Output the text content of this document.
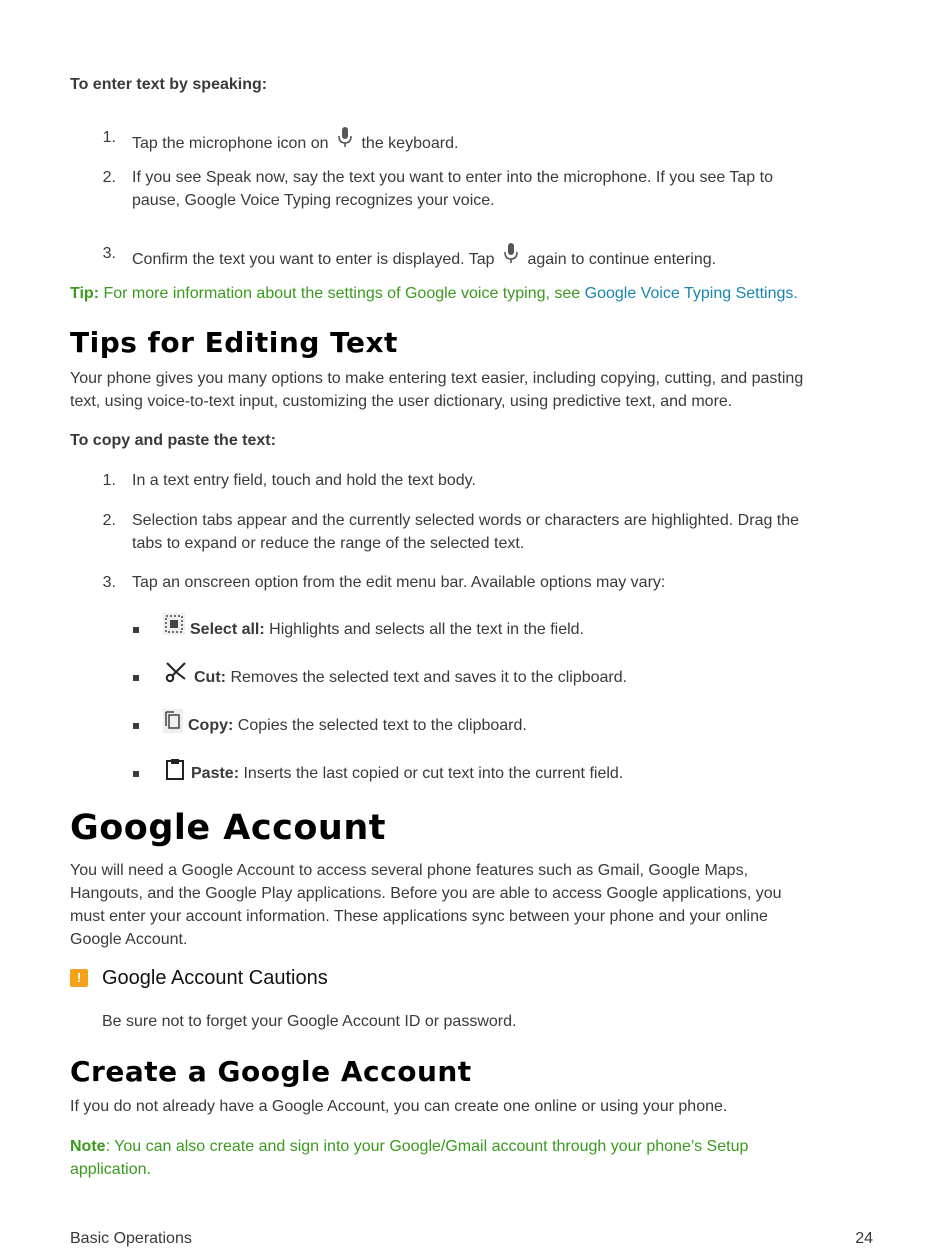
To enter text by speaking:
1. Tap the microphone icon on the keyboard.
2. If you see Speak now, say the text you want to enter into the microphone. If you see Tap to
pause, Google Voice Typing recognizes your voice.
3. Confirm the text you want to enter is displayed. Tap again to continue entering.
Tip: For more information about the settings of Google voice typing, see Google Voice Typing Settings.
Tips for Editing Text
Your phone gives you many options to make entering text easier, including copying, cutting, and pasting
text, using voice-to-text input, customizing the user dictionary, using predictive text, and more.
To copy and paste the text:
1. In a text entry field, touch and hold the text body.
2. Selection tabs appear and the currently selected words or characters are highlighted. Drag the
tabs to expand or reduce the range of the selected text.
3. Tap an onscreen option from the edit menu bar. Available options may vary:
Select all: Highlights and selects all the text in the field.
Cut: Removes the selected text and saves it to the clipboard.
Copy: Copies the selected text to the clipboard.
Paste: Inserts the last copied or cut text into the current field.
Google Account
You will need a Google Account to access several phone features such as Gmail, Google Maps,
Hangouts, and the Google Play applications. Before you are able to access Google applications, you
must enter your account information. These applications sync between your phone and your online
Google Account.
!	Google Account Cautions
Be sure not to forget your Google Account ID or password.
Create a Google Account
If you do not already have a Google Account, you can create one online or using your phone.
Note: You can also create and sign into your Google/Gmail account through your phone’s Setup
application.
Basic Operations	24
